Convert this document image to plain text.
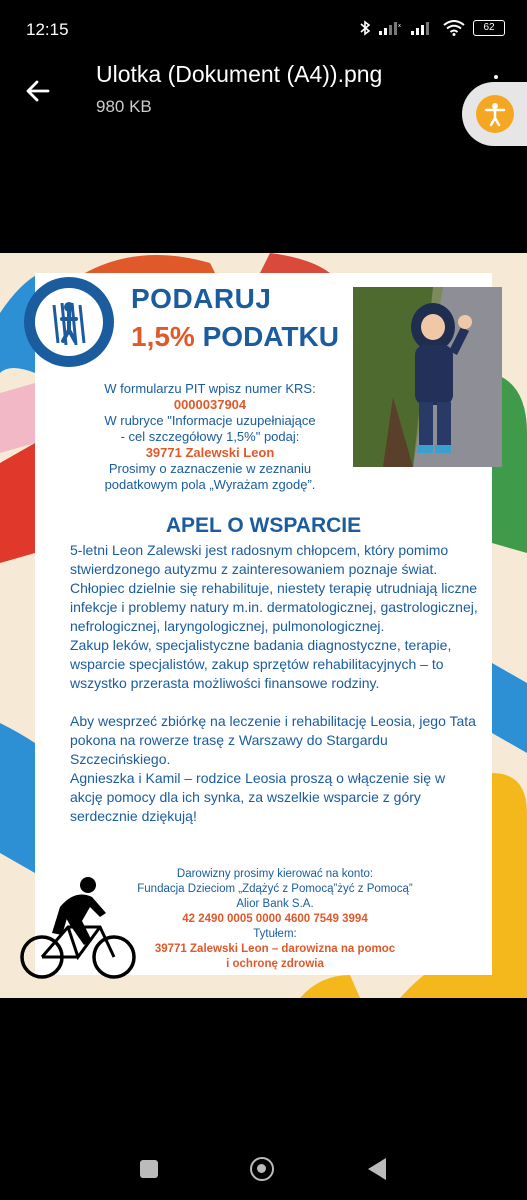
12:15	x	62
Ulotka (Dokument (A4)).png
980 KB
PODARUJ
1,5% PODATKU
W formularzu PIT wpisz numer KRS:
0000037904
W rubryce "Informacje uzupełniające
- cel szczegółowy 1,5%" podaj:
39771 Zalewski Leon
Prosimy o zaznaczenie w zeznaniu
podatkowym pola „Wyrażam zgodę”.
APEL O WSPARCIE

5-letni Leon Zalewski jest radosnym chłopcem, który pomimo stwierdzonego autyzmu z zainteresowaniem poznaje świat. Chłopiec dzielnie się rehabilituje, niestety terapię utrudniają liczne infekcje i problemy natury m.in. dermatologicznej, gastrologicznej, nefrologicznej, laryngologicznej, pulmonologicznej.

Zakup leków, specjalistyczne badania diagnostyczne, terapie, wsparcie specjalistów, zakup sprzętów rehabilitacyjnych – to wszystko przerasta możliwości finansowe rodziny.

Aby wesprzeć zbiórkę na leczenie i rehabilitację Leosia, jego Tata pokona na rowerze trasę z Warszawy do Stargardu Szczecińskiego.

Agnieszka i Kamil – rodzice Leosia proszą o włączenie się w akcję pomocy dla ich synka, za wszelkie wsparcie z góry serdecznie dziękują!

Darowizny prosimy kierować na konto:
Fundacja Dzieciom „Zdążyć z Pomocą”żyć z Pomocą”
Alior Bank S.A.
42 2490 0005 0000 4600 7549 3994
Tytułem:
39771 Zalewski Leon – darowizna na pomoc
i ochronę zdrowia
